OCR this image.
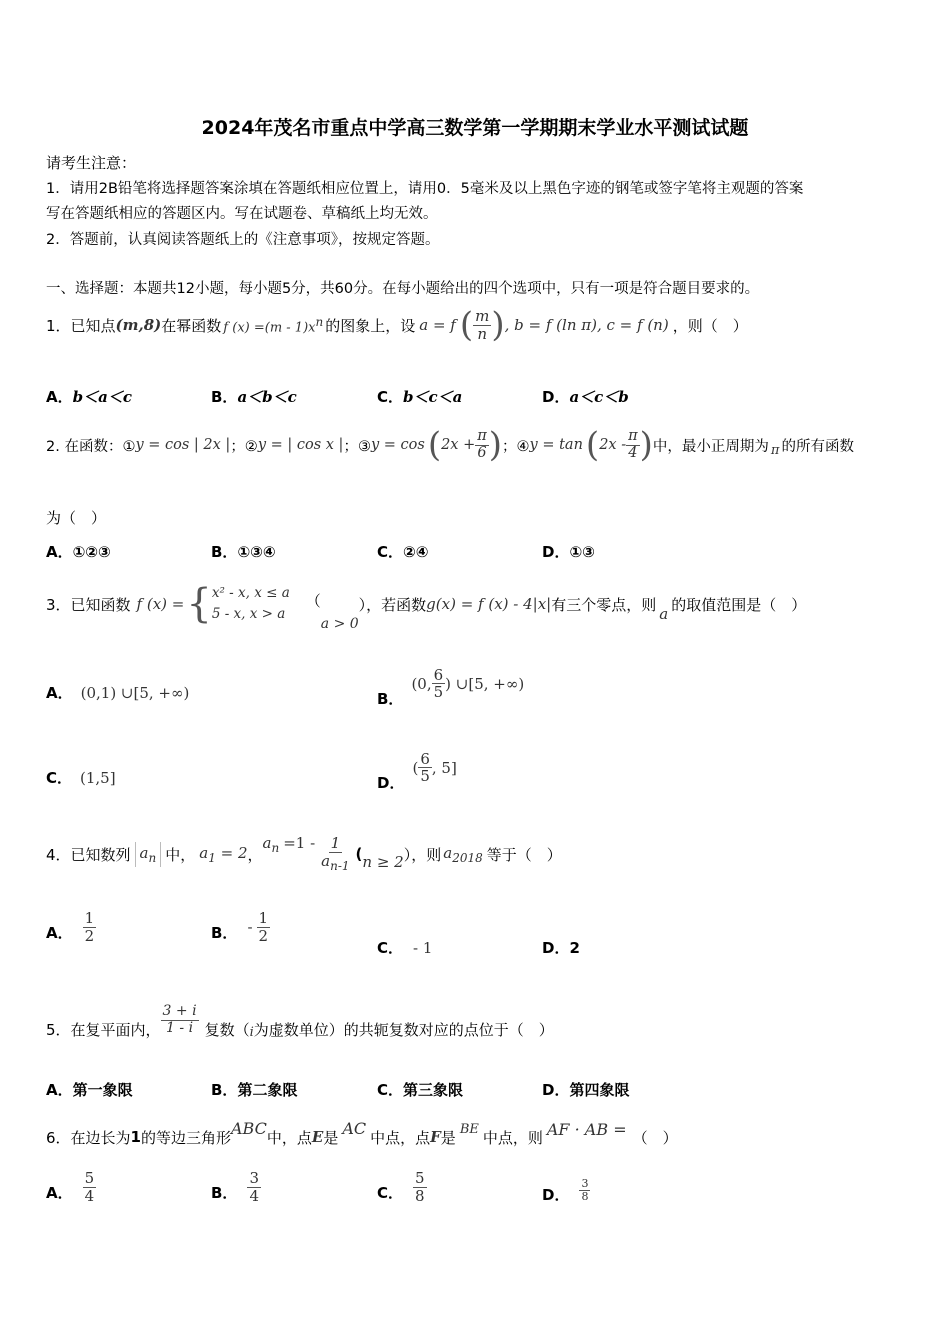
2024年茂名市重点中学高三数学第一学期期末学业水平测试试题
请考生注意：
1．请用2B铅笔将选择题答案涂填在答题纸相应位置上，请用0．5毫米及以上黑色字迹的钢笔或签字笔将主观题的答案
写在答题纸相应的答题区内。写在试题卷、草稿纸上均无效。
2．答题前，认真阅读答题纸上的《注意事项》，按规定答题。
一、选择题：本题共12小题，每小题5分，共60分。在每小题给出的四个选项中，只有一项是符合题目要求的。
1．已知点 (m,8) 在幂函数 f $(x) =(m - 1)x^n$ 的图象上，设 a = f ( $\frac{m}{n}$ ) , b = f (ln π), c = f (n) ，则（　）
A．b＜a＜c	B．a＜b＜c	C．b＜c＜a	D．a＜c＜b
2. 在函数：① y = cos | 2x | ；② y = | cos x | ；③ y = cos ( $2x + \frac{\pi}{6}$ ) ；④ y = tan ( $2x - \frac{\pi}{4}$ ) 中，最小正周期为 π 的所有函数
为（　）
A．①②③	B．①③④	C．②④	D．①③
3．已知函数 f (x) = { x² - x, x ≤ a
5 - x, x > a
（
a > 0
），若函数 g(x) = f (x) - 4|x| 有三个零点，则
a
的取值范围是（　）
A． (0,1) ∪[5, +∞)	B．
(0, $\frac{6}{5}$ ) ∪[5, +∞)
C． (1,5]	D．
( $\frac{6}{5}$ , 5]
4．已知数列 $a_n$ 中， $a_1 = 2$ ，
$a_n =1 - \frac{1}{a_{n-1}}$ ( n ≥ 2 ），则 $a_{2018}$ 等于（　）
A． $\frac{1}{2}$	B． - $\frac{1}{2}$
C． - 1	D．2
5．在复平面内， $\frac{3 + i}{1 - i}$ 复数（ i 为虚数单位）的共轭复数对应的点位于（　）
A．第一象限	B．第二象限	C．第三象限	D．第四象限
6．在边长为 1 的等边三角形 ABC 中，点 E 是 AC 中点，点 F 是 BE 中点，则 AF · AB = （　）
A． $\frac{5}{4}$	B． $\frac{3}{4}$	C． $\frac{5}{8}$	D． $\frac{3}{8}$
